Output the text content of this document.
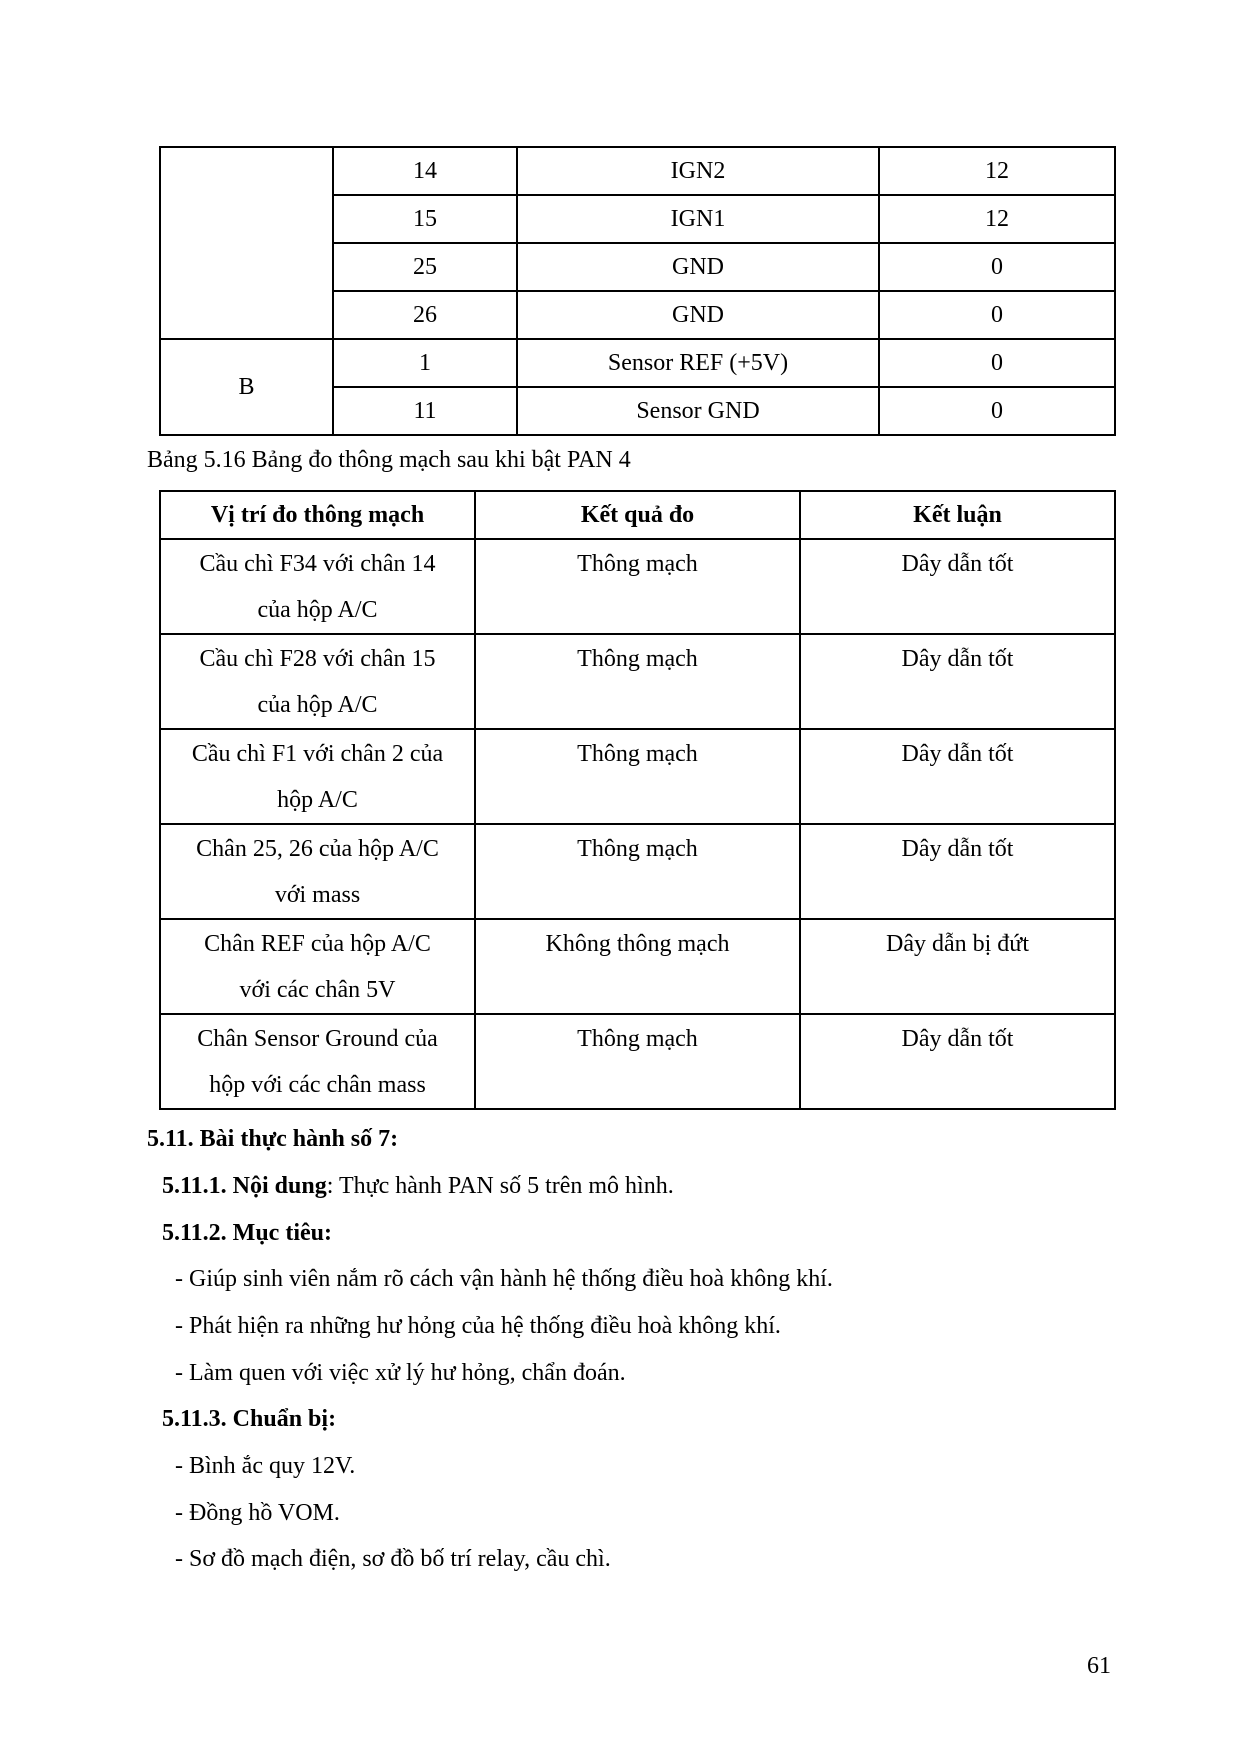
	14	IGN2	12
	15	IGN1	12
	25	GND	0
	26	GND	0
B	1	Sensor REF (+5V)	0
	11	Sensor GND	0
Bảng 5.16 Bảng đo thông mạch sau khi bật PAN 4
Vị trí đo thông mạch	Kết quả đo	Kết luận
Cầu chì F34 với chân 14
của hộp A/C	Thông mạch	Dây dẫn tốt
Cầu chì F28 với chân 15
của hộp A/C	Thông mạch	Dây dẫn tốt
Cầu chì F1 với chân 2 của
hộp A/C	Thông mạch	Dây dẫn tốt
Chân 25, 26 của hộp A/C
với mass	Thông mạch	Dây dẫn tốt
Chân REF của hộp A/C
với các chân 5V	Không thông mạch	Dây dẫn bị đứt
Chân Sensor Ground của
hộp với các chân mass	Thông mạch	Dây dẫn tốt
5.11. Bài thực hành số 7:
5.11.1. Nội dung: Thực hành PAN số 5 trên mô hình.
5.11.2. Mục tiêu:
- Giúp sinh viên nắm rõ cách vận hành hệ thống điều hoà không khí.
- Phát hiện ra những hư hỏng của hệ thống điều hoà không khí.
- Làm quen với việc xử lý hư hỏng, chẩn đoán.
5.11.3. Chuẩn bị:
- Bình ắc quy 12V.
- Đồng hồ VOM.
- Sơ đồ mạch điện, sơ đồ bố trí relay, cầu chì.
61
